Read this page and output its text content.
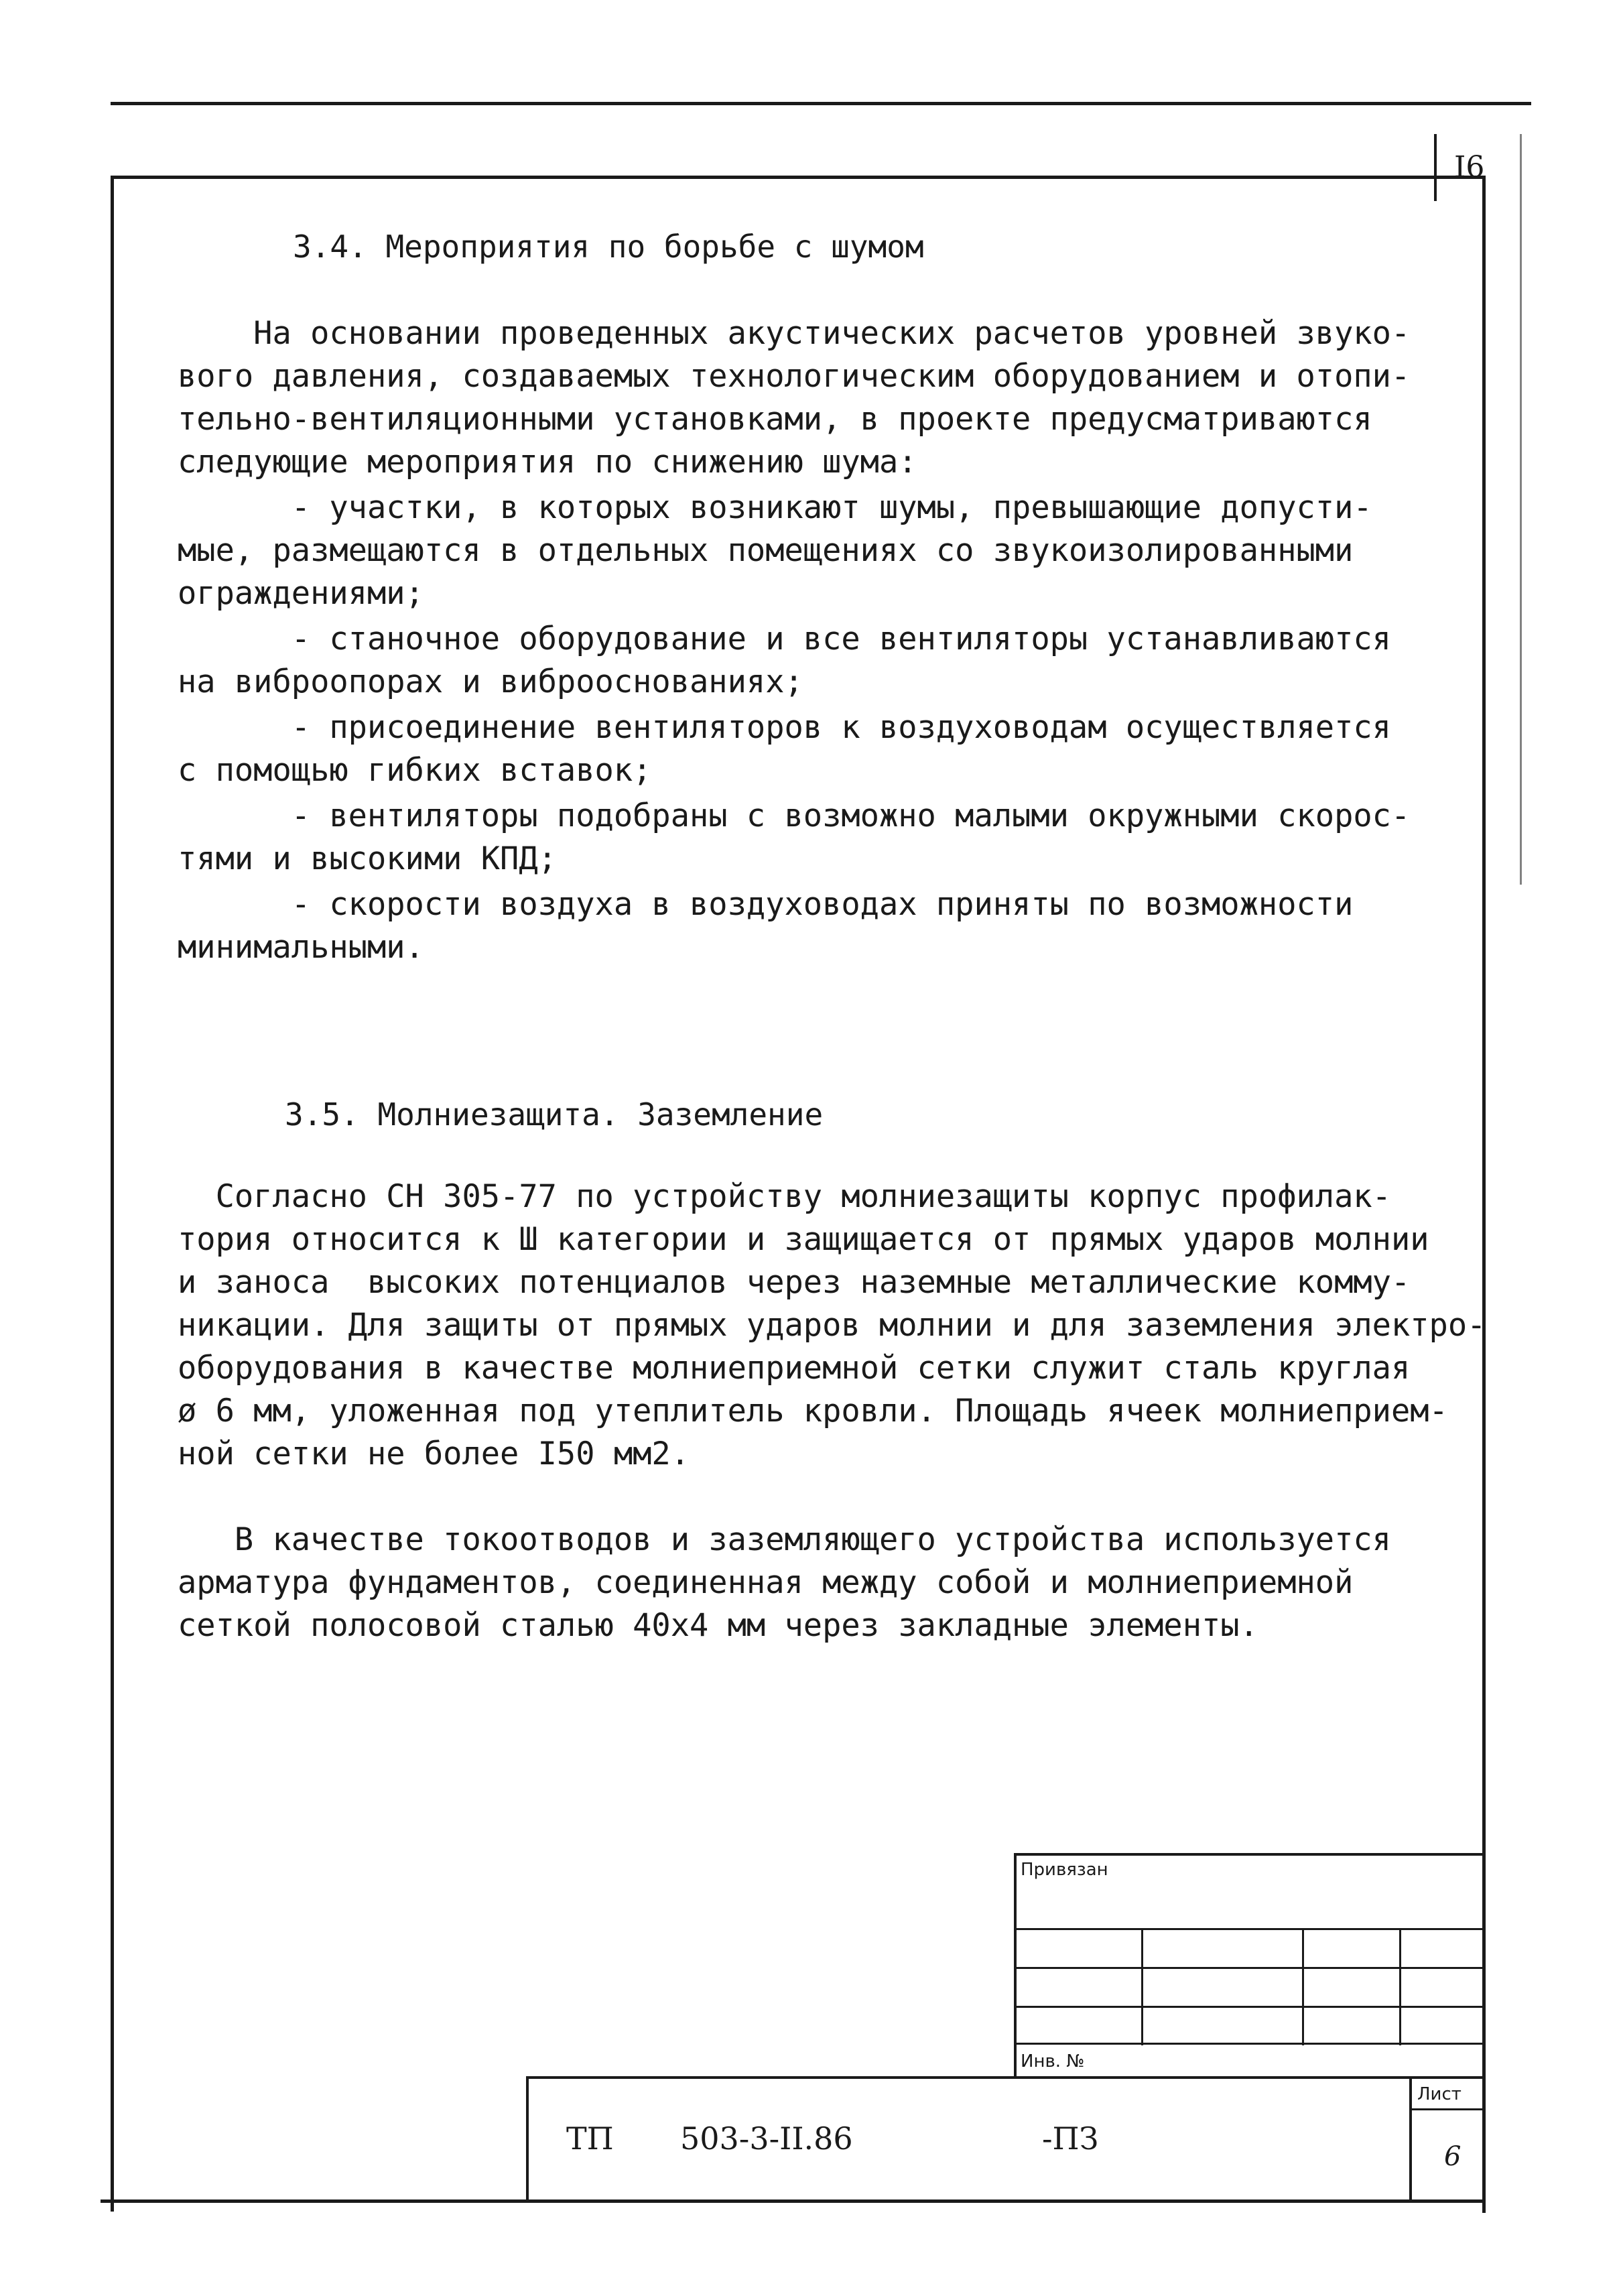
I6
3.4. Мероприятия по борьбе с шумом
На основании проведенных акустических расчетов уровней звуко-
вого давления, создаваемых технологическим оборудованием и отопи-
тельно-вентиляционными установками, в проекте предусматриваются
следующие мероприятия по снижению шума:
- участки, в которых возникают шумы, превышающие допусти-
мые, размещаются в отдельных помещениях со звукоизолированными
ограждениями;
- станочное оборудование и все вентиляторы устанавливаются
на виброопорах и виброоснованиях;
- присоединение вентиляторов к воздуховодам осуществляется
с помощью гибких вставок;
- вентиляторы подобраны с возможно малыми окружными скорос-
тями и высокими КПД;
- скорости воздуха в воздуховодах приняты по возможности
минимальными.
3.5. Молниезащита. Заземление
Согласно СН 305-77 по устройству молниезащиты корпус профилак-
тория относится к Ш категории и защищается от прямых ударов молнии
и заноса  высоких потенциалов через наземные металлические комму-
никации. Для защиты от прямых ударов молнии и для заземления электро-
оборудования в качестве молниеприемной сетки служит сталь круглая
ø 6 мм, уложенная под утеплитель кровли. Площадь ячеек молниеприем-
ной сетки не более I50 мм2.
В качестве токоотводов и заземляющего устройства используется
арматура фундаментов, соединенная между собой и молниеприемной
сеткой полосовой сталью 40х4 мм через закладные элементы.
Привязан
Инв. №
ТП 503-3-II.86	-ПЗ
Лист
6
